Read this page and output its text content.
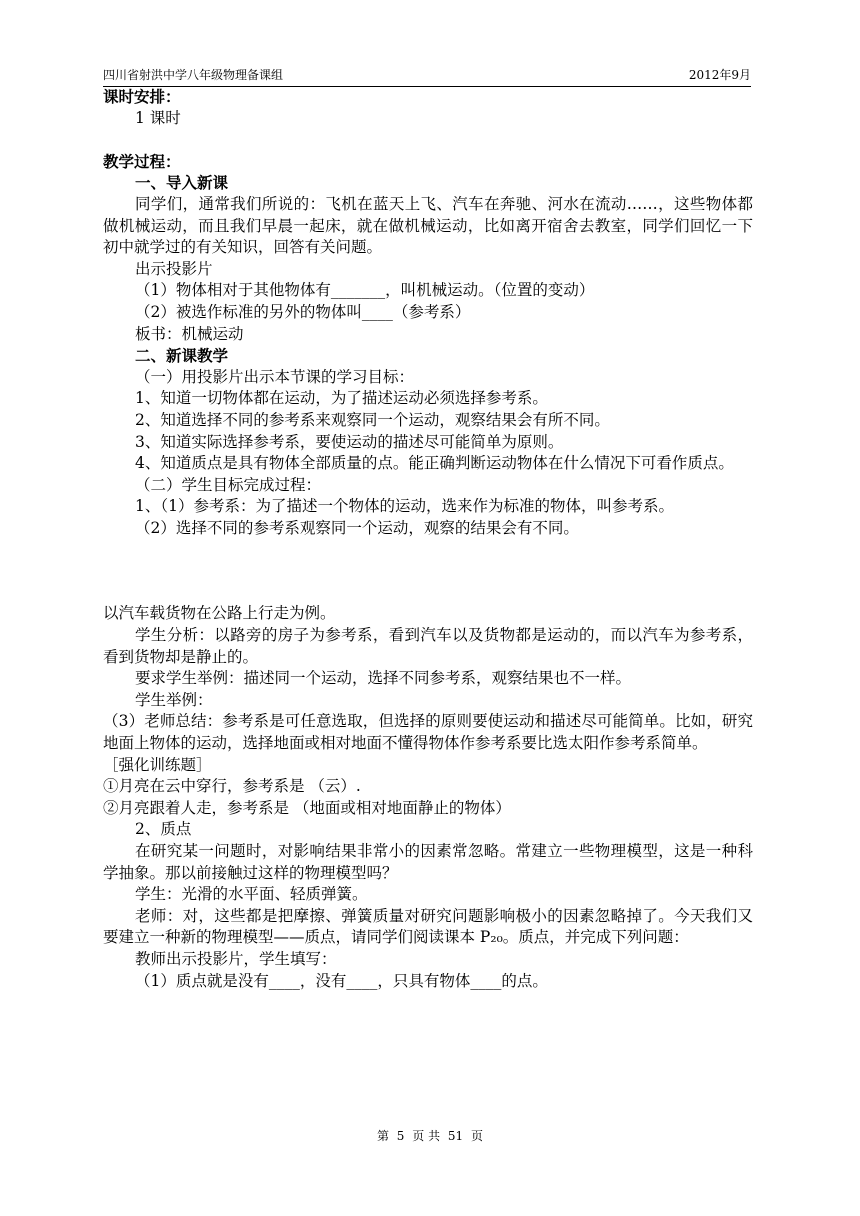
四川省射洪中学八年级物理备课组	2012年9月

课时安排：

1 课时

教学过程：

一、导入新课

同学们，通常我们所说的：飞机在蓝天上飞、汽车在奔驰、河水在流动……，这些物体都做机械运动，而且我们早晨一起床，就在做机械运动，比如离开宿舍去教室，同学们回忆一下初中就学过的有关知识，回答有关问题。

出示投影片

（1）物体相对于其他物体有_______，叫机械运动。（位置的变动）

（2）被选作标准的另外的物体叫____（参考系）

板书：机械运动

二、新课教学

（一）用投影片出示本节课的学习目标：

1、知道一切物体都在运动，为了描述运动必须选择参考系。

2、知道选择不同的参考系来观察同一个运动，观察结果会有所不同。

3、知道实际选择参考系，要使运动的描述尽可能简单为原则。

4、知道质点是具有物体全部质量的点。能正确判断运动物体在什么情况下可看作质点。

（二）学生目标完成过程：

1、（1）参考系：为了描述一个物体的运动，选来作为标准的物体，叫参考系。

（2）选择不同的参考系观察同一个运动，观察的结果会有不同。

以汽车载货物在公路上行走为例。

学生分析：以路旁的房子为参考系，看到汽车以及货物都是运动的，而以汽车为参考系，看到货物却是静止的。

要求学生举例：描述同一个运动，选择不同参考系，观察结果也不一样。

学生举例：

（3）老师总结：参考系是可任意选取，但选择的原则要使运动和描述尽可能简单。比如，研究地面上物体的运动，选择地面或相对地面不懂得物体作参考系要比选太阳作参考系简单。

［强化训练题］

①月亮在云中穿行，参考系是 （云）.

②月亮跟着人走，参考系是 （地面或相对地面静止的物体）

2、质点

在研究某一问题时，对影响结果非常小的因素常忽略。常建立一些物理模型，这是一种科学抽象。那以前接触过这样的物理模型吗？

学生：光滑的水平面、轻质弹簧。

老师：对，这些都是把摩擦、弹簧质量对研究问题影响极小的因素忽略掉了。今天我们又要建立一种新的物理模型——质点，请同学们阅读课本 P₂₀。质点，并完成下列问题：

教师出示投影片，学生填写：

（1）质点就是没有____，没有____，只具有物体____的点。

第 5 页 共 51 页
